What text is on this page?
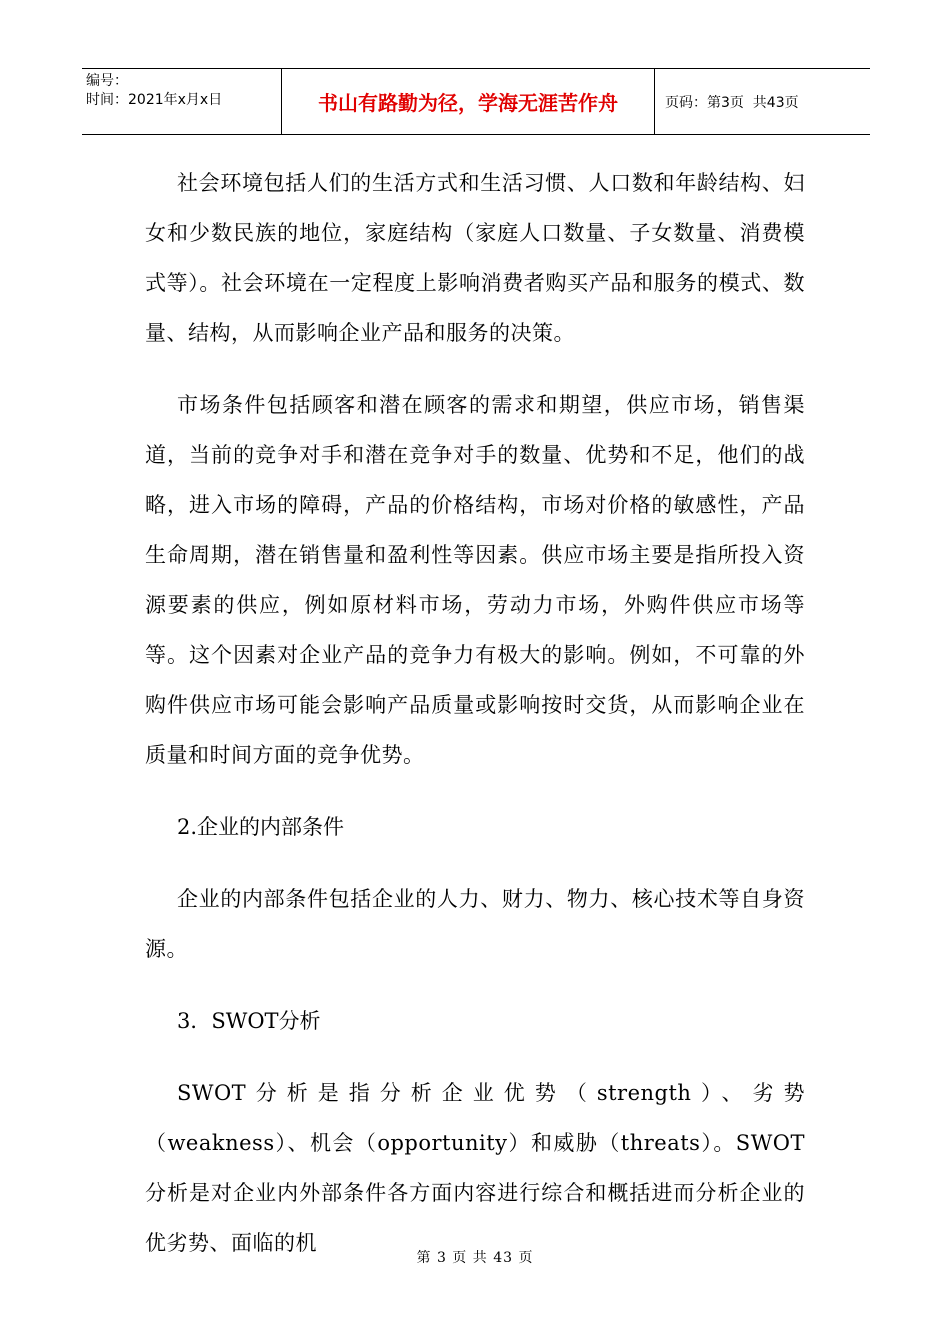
编号：
时间：2021年x月x日	书山有路勤为径，学海无涯苦作舟	页码：第3页  共43页

社会环境包括人们的生活方式和生活习惯、人口数和年龄结构、妇女和少数民族的地位，家庭结构（家庭人口数量、子女数量、消费模式等）。社会环境在一定程度上影响消费者购买产品和服务的模式、数量、结构，从而影响企业产品和服务的决策。

市场条件包括顾客和潜在顾客的需求和期望，供应市场，销售渠道，当前的竞争对手和潜在竞争对手的数量、优势和不足，他们的战略，进入市场的障碍，产品的价格结构，市场对价格的敏感性，产品生命周期，潜在销售量和盈利性等因素。供应市场主要是指所投入资源要素的供应，例如原材料市场，劳动力市场，外购件供应市场等等。这个因素对企业产品的竞争力有极大的影响。例如，不可靠的外购件供应市场可能会影响产品质量或影响按时交货，从而影响企业在质量和时间方面的竞争优势。

2.企业的内部条件

企业的内部条件包括企业的人力、财力、物力、核心技术等自身资源。

3．SWOT分析

SWOT分析是指分析企业优势（strength）、劣势（weakness）、机会（opportunity）和威胁（threats）。SWOT分析是对企业内外部条件各方面内容进行综合和概括进而分析企业的优劣势、面临的机

第 3 页 共 43 页
